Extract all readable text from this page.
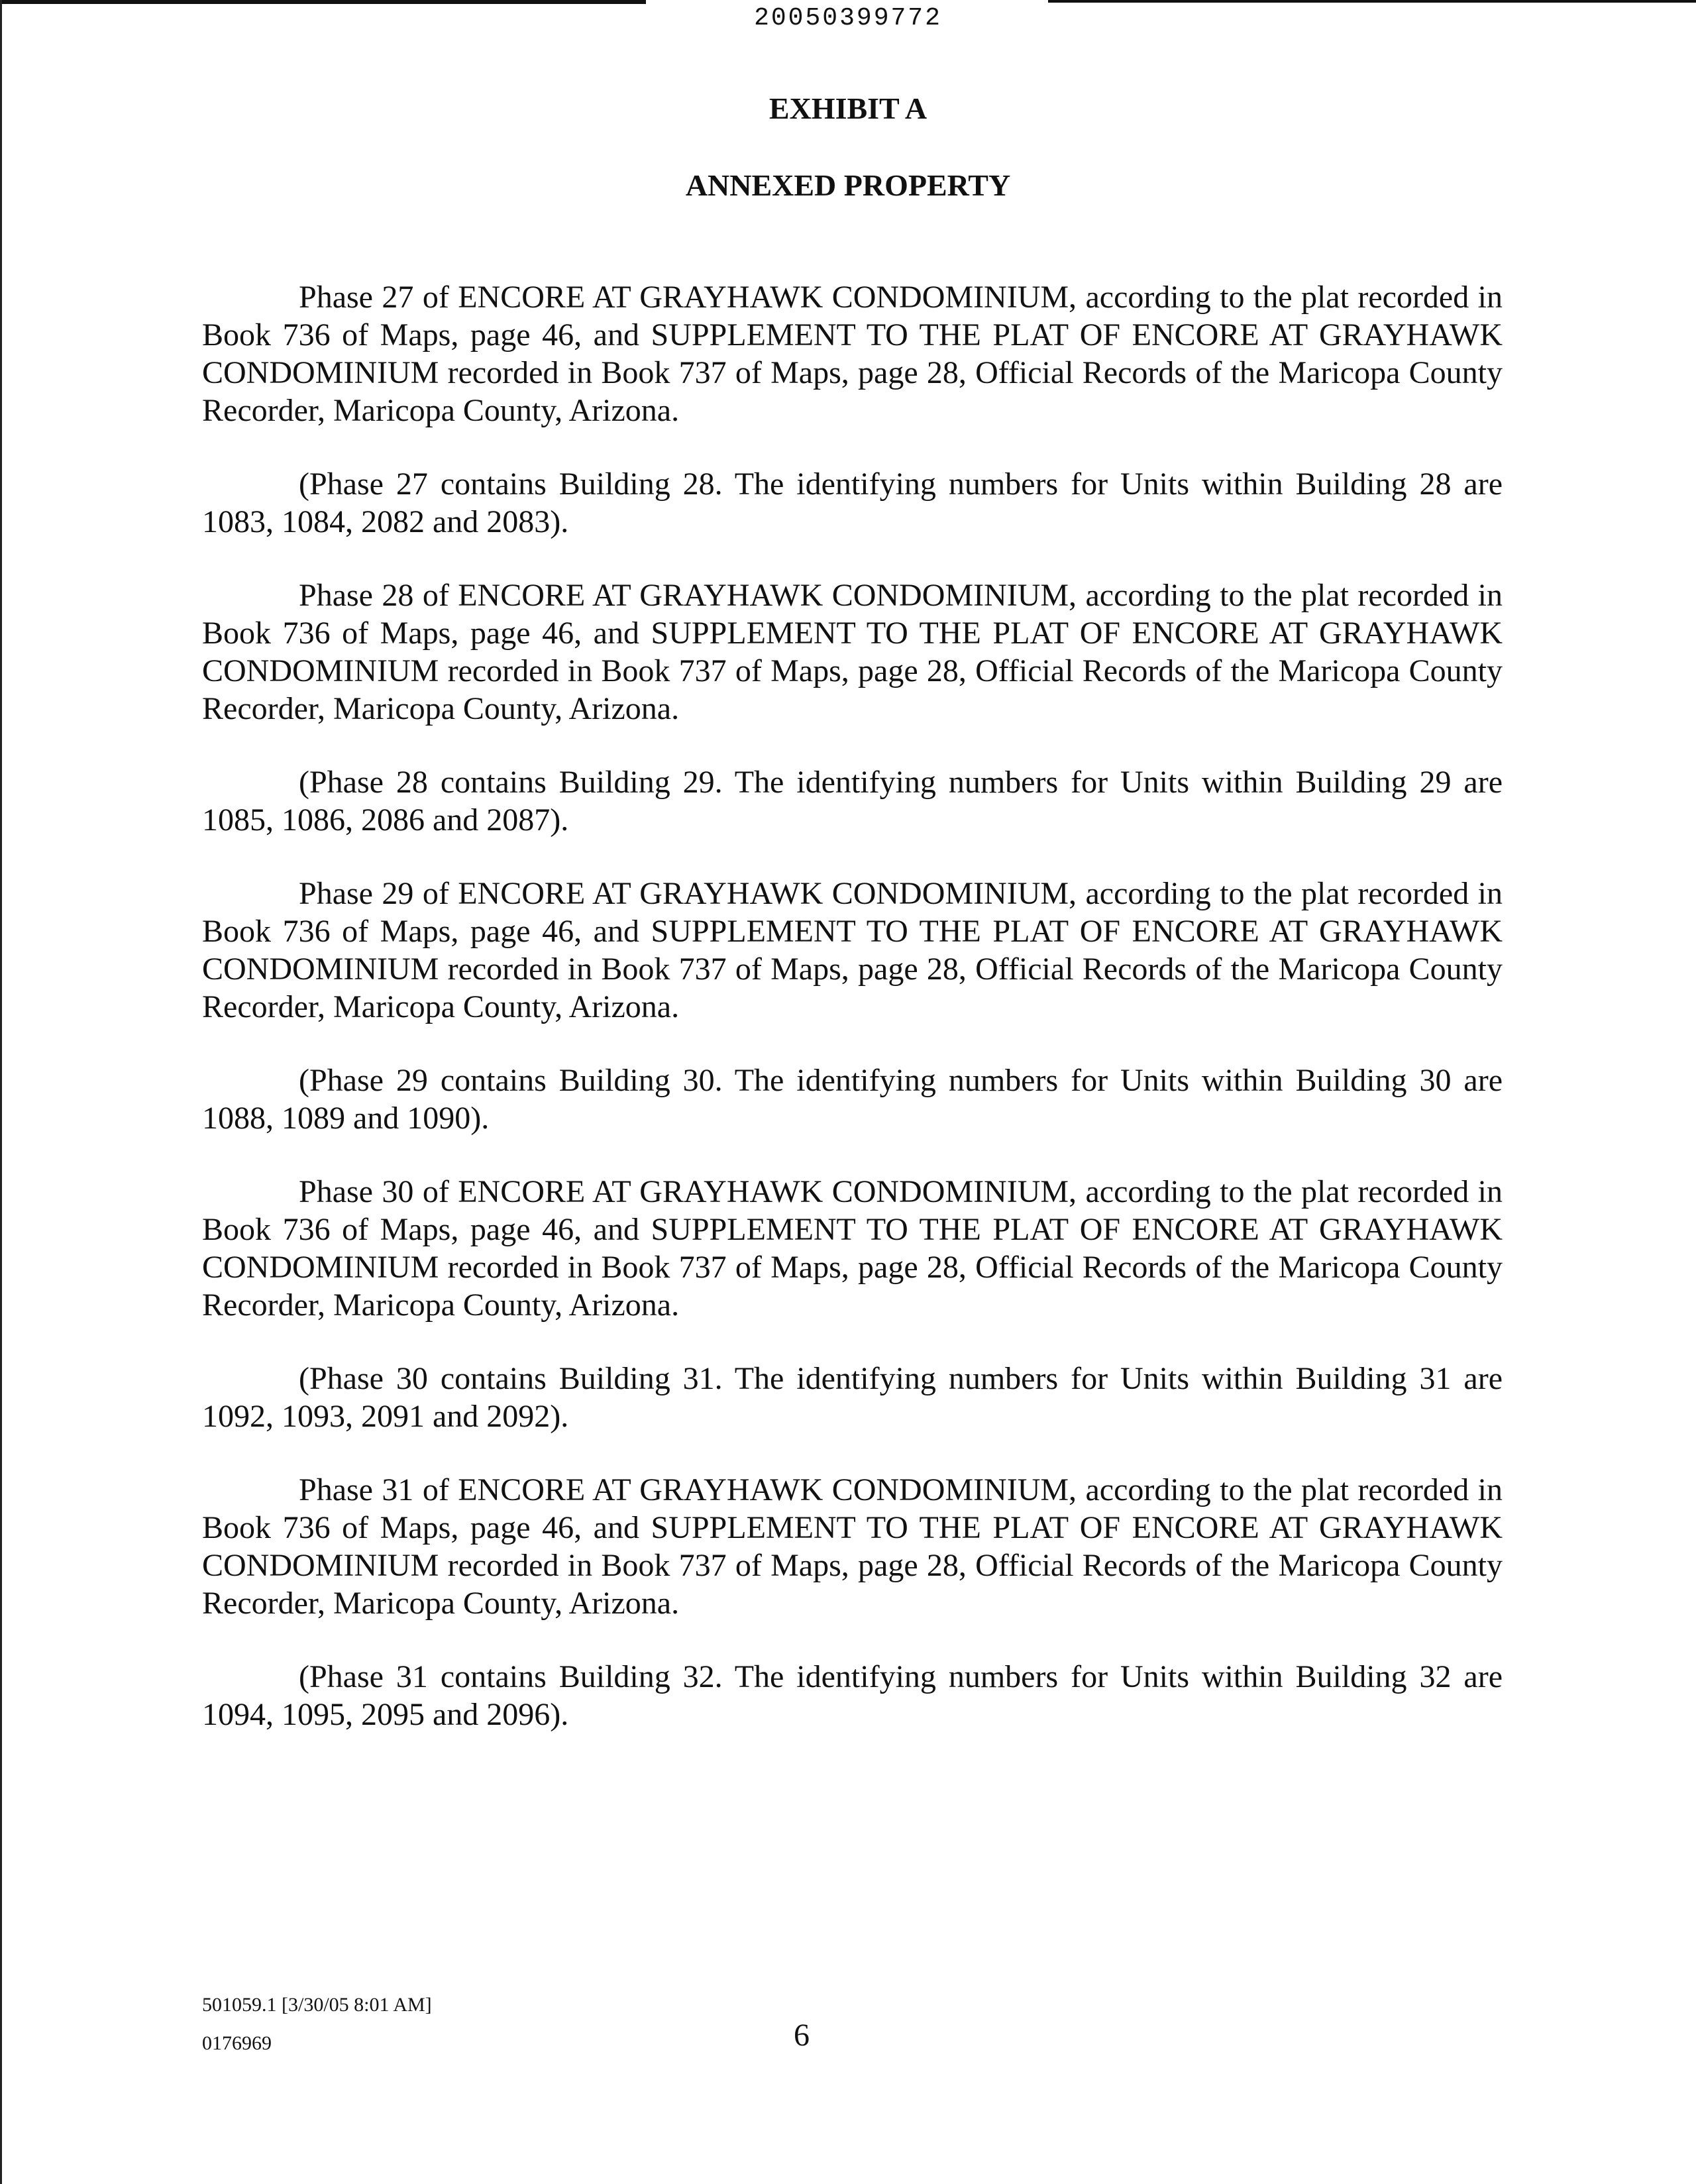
20050399772
EXHIBIT A
ANNEXED PROPERTY

Phase 27 of ENCORE AT GRAYHAWK CONDOMINIUM, according to the plat recorded in Book 736 of Maps, page 46, and SUPPLEMENT TO THE PLAT OF ENCORE AT GRAYHAWK CONDOMINIUM recorded in Book 737 of Maps, page 28, Official Records of the Maricopa County Recorder, Maricopa County, Arizona.

(Phase 27 contains Building 28. The identifying numbers for Units within Building 28 are 1083, 1084, 2082 and 2083).

Phase 28 of ENCORE AT GRAYHAWK CONDOMINIUM, according to the plat recorded in Book 736 of Maps, page 46, and SUPPLEMENT TO THE PLAT OF ENCORE AT GRAYHAWK CONDOMINIUM recorded in Book 737 of Maps, page 28, Official Records of the Maricopa County Recorder, Maricopa County, Arizona.

(Phase 28 contains Building 29. The identifying numbers for Units within Building 29 are 1085, 1086, 2086 and 2087).

Phase 29 of ENCORE AT GRAYHAWK CONDOMINIUM, according to the plat recorded in Book 736 of Maps, page 46, and SUPPLEMENT TO THE PLAT OF ENCORE AT GRAYHAWK CONDOMINIUM recorded in Book 737 of Maps, page 28, Official Records of the Maricopa County Recorder, Maricopa County, Arizona.

(Phase 29 contains Building 30. The identifying numbers for Units within Building 30 are 1088, 1089 and 1090).

Phase 30 of ENCORE AT GRAYHAWK CONDOMINIUM, according to the plat recorded in Book 736 of Maps, page 46, and SUPPLEMENT TO THE PLAT OF ENCORE AT GRAYHAWK CONDOMINIUM recorded in Book 737 of Maps, page 28, Official Records of the Maricopa County Recorder, Maricopa County, Arizona.

(Phase 30 contains Building 31. The identifying numbers for Units within Building 31 are 1092, 1093, 2091 and 2092).

Phase 31 of ENCORE AT GRAYHAWK CONDOMINIUM, according to the plat recorded in Book 736 of Maps, page 46, and SUPPLEMENT TO THE PLAT OF ENCORE AT GRAYHAWK CONDOMINIUM recorded in Book 737 of Maps, page 28, Official Records of the Maricopa County Recorder, Maricopa County, Arizona.

(Phase 31 contains Building 32. The identifying numbers for Units within Building 32 are 1094, 1095, 2095 and 2096).

501059.1 [3/30/05 8:01 AM]
0176969	6
